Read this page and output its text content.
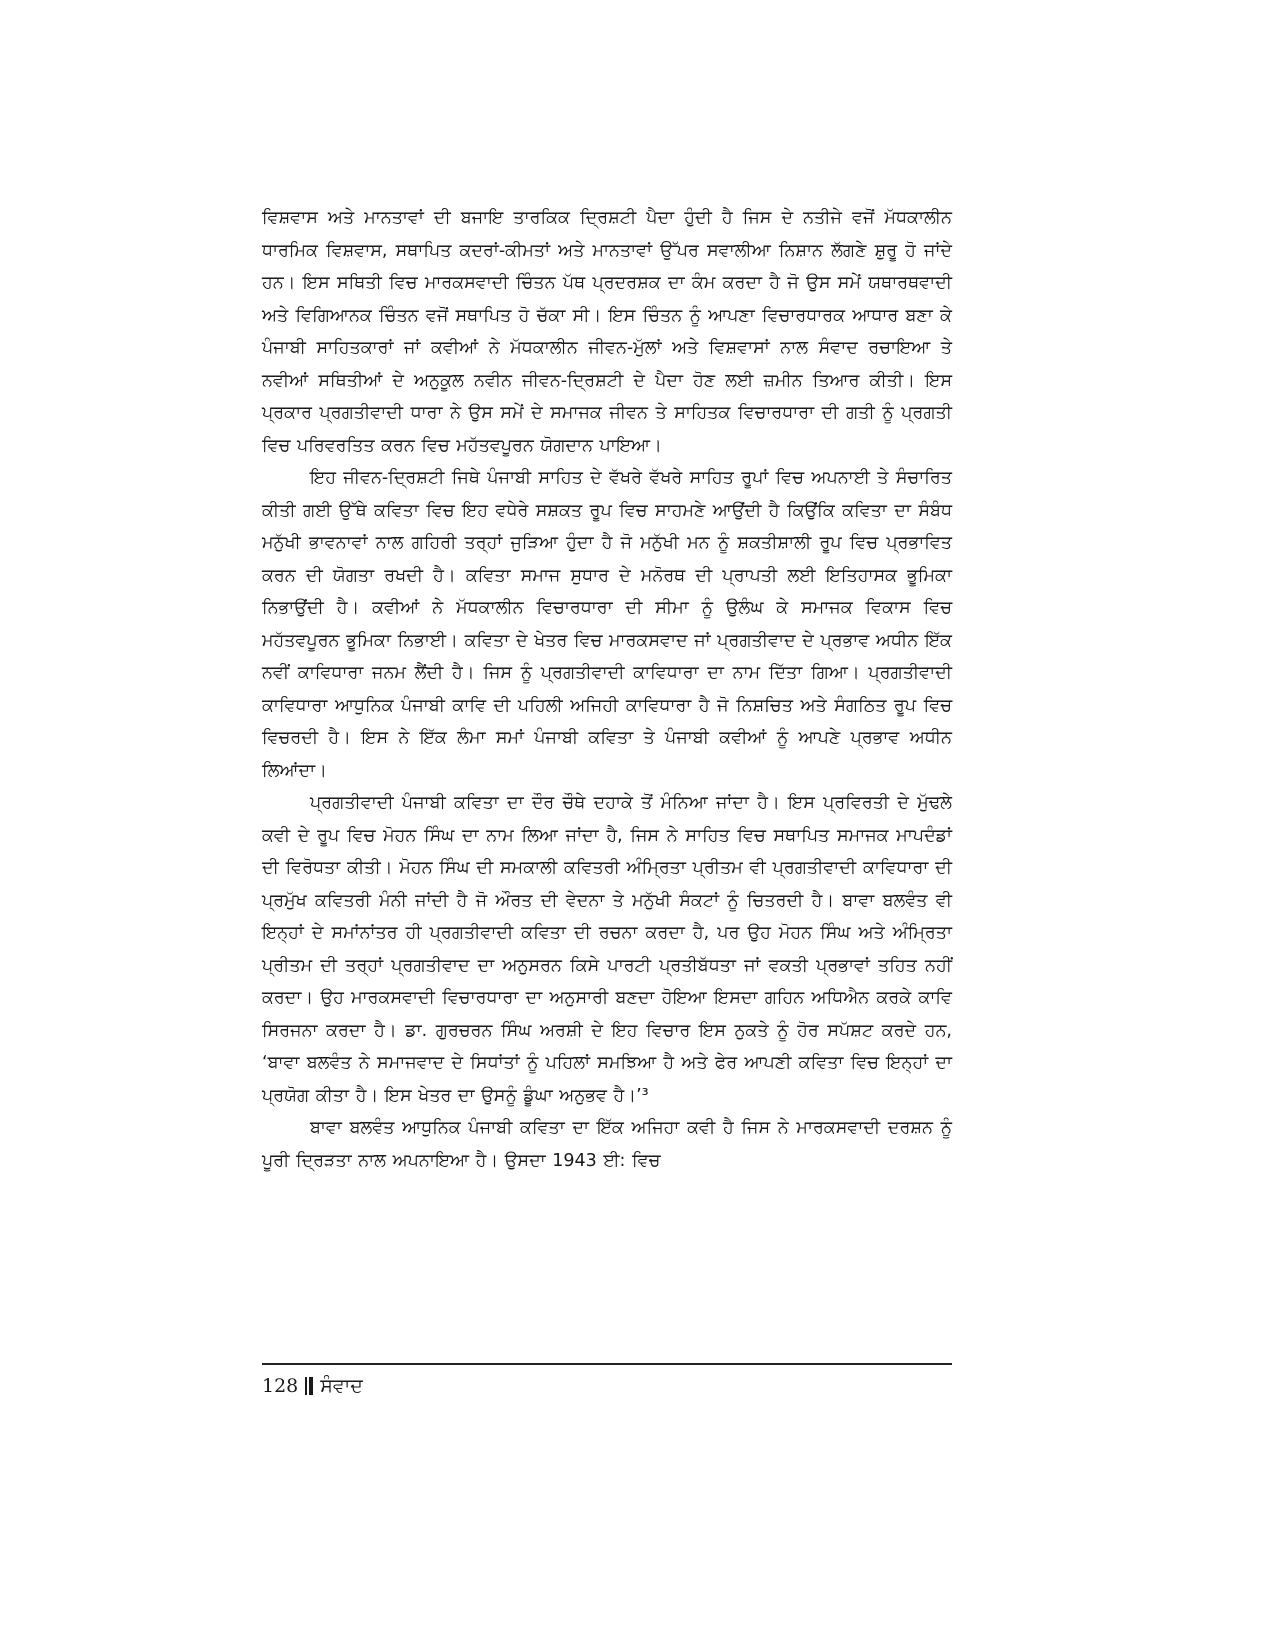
ਵਿਸ਼ਵਾਸ ਅਤੇ ਮਾਨਤਾਵਾਂ ਦੀ ਬਜਾਇ ਤਾਰਕਿਕ ਦ੍ਰਿਸ਼ਟੀ ਪੈਦਾ ਹੁੰਦੀ ਹੈ ਜਿਸ ਦੇ ਨਤੀਜੇ ਵਜੋਂ ਮੱਧਕਾਲੀਨ ਧਾਰਮਿਕ ਵਿਸ਼ਵਾਸ, ਸਥਾਪਿਤ ਕਦਰਾਂ-ਕੀਮਤਾਂ ਅਤੇ ਮਾਨਤਾਵਾਂ ਉੱਪਰ ਸਵਾਲੀਆ ਨਿਸ਼ਾਨ ਲੱਗਣੇ ਸ਼ੁਰੂ ਹੋ ਜਾਂਦੇ ਹਨ। ਇਸ ਸਥਿਤੀ ਵਿਚ ਮਾਰਕਸਵਾਦੀ ਚਿੰਤਨ ਪੱਥ ਪ੍ਰਦਰਸ਼ਕ ਦਾ ਕੰਮ ਕਰਦਾ ਹੈ ਜੋ ਉਸ ਸਮੇਂ ਯਥਾਰਥਵਾਦੀ ਅਤੇ ਵਿਗਿਆਨਕ ਚਿੰਤਨ ਵਜੋਂ ਸਥਾਪਿਤ ਹੋ ਚੱਕਾ ਸੀ। ਇਸ ਚਿੰਤਨ ਨੂੰ ਆਪਣਾ ਵਿਚਾਰਧਾਰਕ ਆਧਾਰ ਬਣਾ ਕੇ ਪੰਜਾਬੀ ਸਾਹਿਤਕਾਰਾਂ ਜਾਂ ਕਵੀਆਂ ਨੇ ਮੱਧਕਾਲੀਨ ਜੀਵਨ-ਮੁੱਲਾਂ ਅਤੇ ਵਿਸ਼ਵਾਸਾਂ ਨਾਲ ਸੰਵਾਦ ਰਚਾਇਆ ਤੇ ਨਵੀਆਂ ਸਥਿਤੀਆਂ ਦੇ ਅਨੁਕੂਲ ਨਵੀਨ ਜੀਵਨ-ਦ੍ਰਿਸ਼ਟੀ ਦੇ ਪੈਦਾ ਹੋਣ ਲਈ ਜ਼ਮੀਨ ਤਿਆਰ ਕੀਤੀ। ਇਸ ਪ੍ਰਕਾਰ ਪ੍ਰਗਤੀਵਾਦੀ ਧਾਰਾ ਨੇ ਉਸ ਸਮੇਂ ਦੇ ਸਮਾਜਕ ਜੀਵਨ ਤੇ ਸਾਹਿਤਕ ਵਿਚਾਰਧਾਰਾ ਦੀ ਗਤੀ ਨੂੰ ਪ੍ਰਗਤੀ ਵਿਚ ਪਰਿਵਰਤਿਤ ਕਰਨ ਵਿਚ ਮਹੱਤਵਪੂਰਨ ਯੋਗਦਾਨ ਪਾਇਆ।

ਇਹ ਜੀਵਨ-ਦ੍ਰਿਸ਼ਟੀ ਜਿਥੇ ਪੰਜਾਬੀ ਸਾਹਿਤ ਦੇ ਵੱਖਰੇ ਵੱਖਰੇ ਸਾਹਿਤ ਰੂਪਾਂ ਵਿਚ ਅਪਨਾਈ ਤੇ ਸੰਚਾਰਿਤ ਕੀਤੀ ਗਈ ਉੱਥੇ ਕਵਿਤਾ ਵਿਚ ਇਹ ਵਧੇਰੇ ਸਸ਼ਕਤ ਰੂਪ ਵਿਚ ਸਾਹਮਣੇ ਆਉਂਦੀ ਹੈ ਕਿਉਂਕਿ ਕਵਿਤਾ ਦਾ ਸੰਬੰਧ ਮਨੁੱਖੀ ਭਾਵਨਾਵਾਂ ਨਾਲ ਗਹਿਰੀ ਤਰ੍ਹਾਂ ਜੁੜਿਆ ਹੁੰਦਾ ਹੈ ਜੋ ਮਨੁੱਖੀ ਮਨ ਨੂੰ ਸ਼ਕਤੀਸ਼ਾਲੀ ਰੂਪ ਵਿਚ ਪ੍ਰਭਾਵਿਤ ਕਰਨ ਦੀ ਯੋਗਤਾ ਰਖਦੀ ਹੈ। ਕਵਿਤਾ ਸਮਾਜ ਸੁਧਾਰ ਦੇ ਮਨੋਰਥ ਦੀ ਪ੍ਰਾਪਤੀ ਲਈ ਇਤਿਹਾਸਕ ਭੂਮਿਕਾ ਨਿਭਾਉਂਦੀ ਹੈ। ਕਵੀਆਂ ਨੇ ਮੱਧਕਾਲੀਨ ਵਿਚਾਰਧਾਰਾ ਦੀ ਸੀਮਾ ਨੂੰ ਉਲੰਘ ਕੇ ਸਮਾਜਕ ਵਿਕਾਸ ਵਿਚ ਮਹੱਤਵਪੂਰਨ ਭੂਮਿਕਾ ਨਿਭਾਈ। ਕਵਿਤਾ ਦੇ ਖੇਤਰ ਵਿਚ ਮਾਰਕਸਵਾਦ ਜਾਂ ਪ੍ਰਗਤੀਵਾਦ ਦੇ ਪ੍ਰਭਾਵ ਅਧੀਨ ਇੱਕ ਨਵੀਂ ਕਾਵਿਧਾਰਾ ਜਨਮ ਲੈਂਦੀ ਹੈ। ਜਿਸ ਨੂੰ ਪ੍ਰਗਤੀਵਾਦੀ ਕਾਵਿਧਾਰਾ ਦਾ ਨਾਮ ਦਿੱਤਾ ਗਿਆ। ਪ੍ਰਗਤੀਵਾਦੀ ਕਾਵਿਧਾਰਾ ਆਧੁਨਿਕ ਪੰਜਾਬੀ ਕਾਵਿ ਦੀ ਪਹਿਲੀ ਅਜਿਹੀ ਕਾਵਿਧਾਰਾ ਹੈ ਜੋ ਨਿਸ਼ਚਿਤ ਅਤੇ ਸੰਗਠਿਤ ਰੂਪ ਵਿਚ ਵਿਚਰਦੀ ਹੈ। ਇਸ ਨੇ ਇੱਕ ਲੰਮਾ ਸਮਾਂ ਪੰਜਾਬੀ ਕਵਿਤਾ ਤੇ ਪੰਜਾਬੀ ਕਵੀਆਂ ਨੂੰ ਆਪਣੇ ਪ੍ਰਭਾਵ ਅਧੀਨ ਲਿਆਂਦਾ।

ਪ੍ਰਗਤੀਵਾਦੀ ਪੰਜਾਬੀ ਕਵਿਤਾ ਦਾ ਦੌਰ ਚੌਥੇ ਦਹਾਕੇ ਤੋਂ ਮੰਨਿਆ ਜਾਂਦਾ ਹੈ। ਇਸ ਪ੍ਰਵਿਰਤੀ ਦੇ ਮੁੱਢਲੇ ਕਵੀ ਦੇ ਰੂਪ ਵਿਚ ਮੋਹਨ ਸਿੰਘ ਦਾ ਨਾਮ ਲਿਆ ਜਾਂਦਾ ਹੈ, ਜਿਸ ਨੇ ਸਾਹਿਤ ਵਿਚ ਸਥਾਪਿਤ ਸਮਾਜਕ ਮਾਪਦੰਡਾਂ ਦੀ ਵਿਰੋਧਤਾ ਕੀਤੀ। ਮੋਹਨ ਸਿੰਘ ਦੀ ਸਮਕਾਲੀ ਕਵਿਤਰੀ ਅੰਮ੍ਰਿਤਾ ਪ੍ਰੀਤਮ ਵੀ ਪ੍ਰਗਤੀਵਾਦੀ ਕਾਵਿਧਾਰਾ ਦੀ ਪ੍ਰਮੁੱਖ ਕਵਿਤਰੀ ਮੰਨੀ ਜਾਂਦੀ ਹੈ ਜੋ ਔਰਤ ਦੀ ਵੇਦਨਾ ਤੇ ਮਨੁੱਖੀ ਸੰਕਟਾਂ ਨੂੰ ਚਿਤਰਦੀ ਹੈ। ਬਾਵਾ ਬਲਵੰਤ ਵੀ ਇਨ੍ਹਾਂ ਦੇ ਸਮਾਂਨਾਂਤਰ ਹੀ ਪ੍ਰਗਤੀਵਾਦੀ ਕਵਿਤਾ ਦੀ ਰਚਨਾ ਕਰਦਾ ਹੈ, ਪਰ ਉਹ ਮੋਹਨ ਸਿੰਘ ਅਤੇ ਅੰਮ੍ਰਿਤਾ ਪ੍ਰੀਤਮ ਦੀ ਤਰ੍ਹਾਂ ਪ੍ਰਗਤੀਵਾਦ ਦਾ ਅਨੁਸਰਨ ਕਿਸੇ ਪਾਰਟੀ ਪ੍ਰਤੀਬੱਧਤਾ ਜਾਂ ਵਕਤੀ ਪ੍ਰਭਾਵਾਂ ਤਹਿਤ ਨਹੀਂ ਕਰਦਾ। ਉਹ ਮਾਰਕਸਵਾਦੀ ਵਿਚਾਰਧਾਰਾ ਦਾ ਅਨੁਸਾਰੀ ਬਣਦਾ ਹੋਇਆ ਇਸਦਾ ਗਹਿਨ ਅਧਿਐਨ ਕਰਕੇ ਕਾਵਿ ਸਿਰਜਨਾ ਕਰਦਾ ਹੈ। ਡਾ. ਗੁਰਚਰਨ ਸਿੰਘ ਅਰਸ਼ੀ ਦੇ ਇਹ ਵਿਚਾਰ ਇਸ ਨੁਕਤੇ ਨੂੰ ਹੋਰ ਸਪੱਸ਼ਟ ਕਰਦੇ ਹਨ, ‘ਬਾਵਾ ਬਲਵੰਤ ਨੇ ਸਮਾਜਵਾਦ ਦੇ ਸਿਧਾਂਤਾਂ ਨੂੰ ਪਹਿਲਾਂ ਸਮਝਿਆ ਹੈ ਅਤੇ ਫੇਰ ਆਪਣੀ ਕਵਿਤਾ ਵਿਚ ਇਨ੍ਹਾਂ ਦਾ ਪ੍ਰਯੋਗ ਕੀਤਾ ਹੈ। ਇਸ ਖੇਤਰ ਦਾ ਉਸਨੂੰ ਡੂੰਘਾ ਅਨੁਭਵ ਹੈ।’³

ਬਾਵਾ ਬਲਵੰਤ ਆਧੁਨਿਕ ਪੰਜਾਬੀ ਕਵਿਤਾ ਦਾ ਇੱਕ ਅਜਿਹਾ ਕਵੀ ਹੈ ਜਿਸ ਨੇ ਮਾਰਕਸਵਾਦੀ ਦਰਸ਼ਨ ਨੂੰ ਪੂਰੀ ਦ੍ਰਿੜਤਾ ਨਾਲ ਅਪਨਾਇਆ ਹੈ। ਉਸਦਾ 1943 ਈ: ਵਿਚ

128 ਸੰਵਾਦ
